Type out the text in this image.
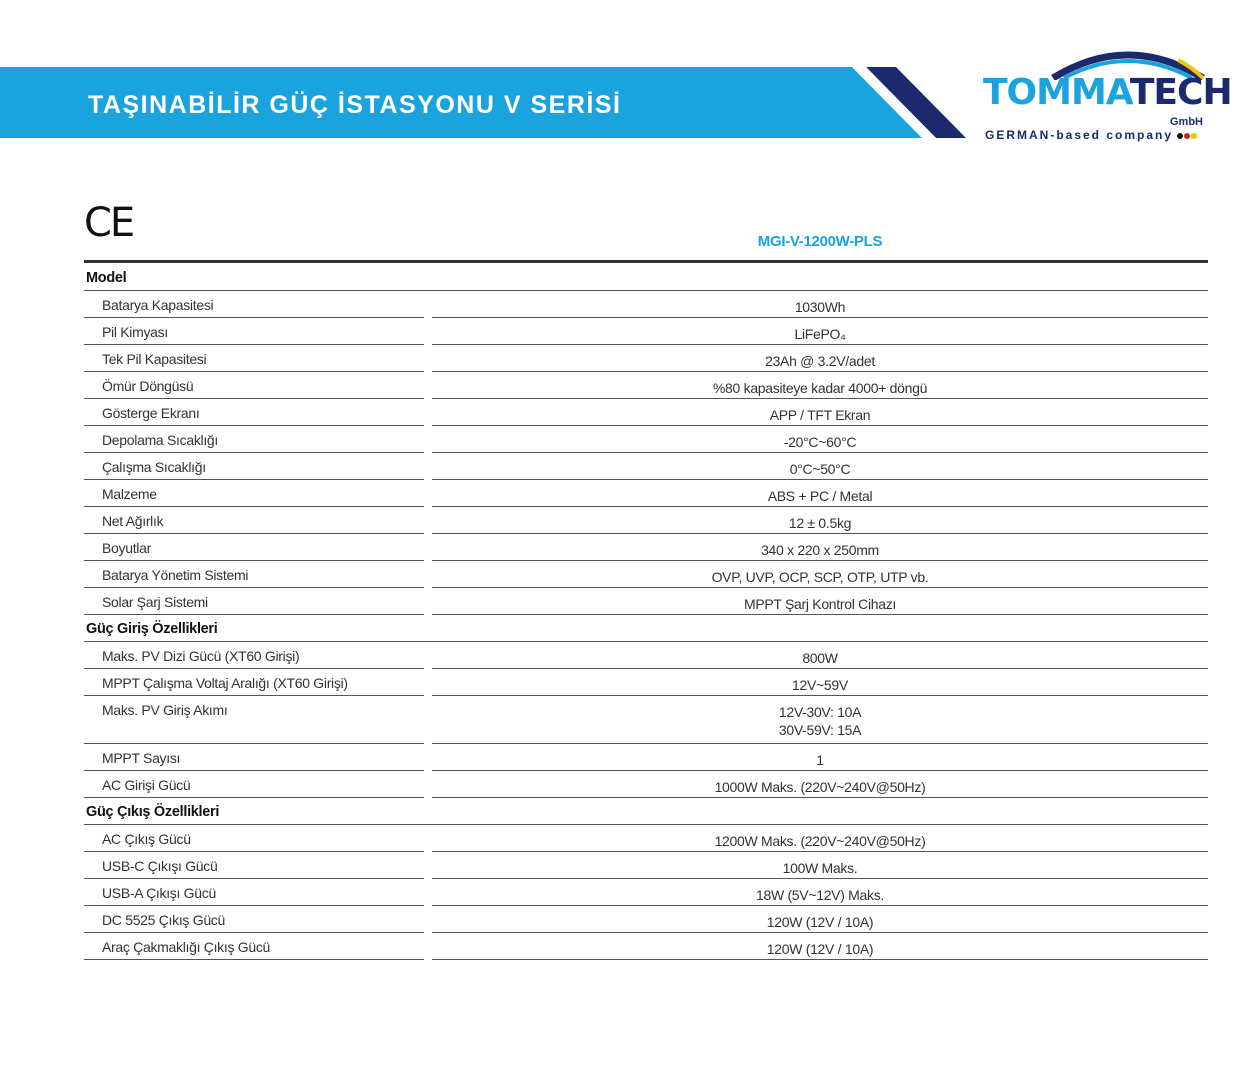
TAŞINABİLİR GÜÇ İSTASYONU V SERİSİ	TOMMATECH
GmbH
GERMAN-based company
CE	MGI-V-1200W-PLS
Model
Batarya Kapasitesi	1030Wh
Pil Kimyası	LiFePO₄
Tek Pil Kapasitesi	23Ah @ 3.2V/adet
Ömür Döngüsü	%80 kapasiteye kadar 4000+ döngü
Gösterge Ekranı	APP / TFT Ekran
Depolama Sıcaklığı	-20°C~60°C
Çalışma Sıcaklığı	0°C~50°C
Malzeme	ABS + PC / Metal
Net Ağırlık	12 ± 0.5kg
Boyutlar	340 x 220 x 250mm
Batarya Yönetim Sistemi	OVP, UVP, OCP, SCP, OTP, UTP vb.
Solar Şarj Sistemi	MPPT Şarj Kontrol Cihazı
Güç Giriş Özellikleri
Maks. PV Dizi Gücü (XT60 Girişi)	800W
MPPT Çalışma Voltaj Aralığı (XT60 Girişi)	12V~59V
Maks. PV Giriş Akımı	12V-30V: 10A
30V-59V: 15A
MPPT Sayısı	1
AC Girişi Gücü	1000W Maks. (220V~240V@50Hz)
Güç Çıkış Özellikleri
AC Çıkış Gücü	1200W Maks. (220V~240V@50Hz)
USB-C Çıkışı Gücü	100W Maks.
USB-A Çıkışı Gücü	18W (5V~12V) Maks.
DC 5525 Çıkış Gücü	120W (12V / 10A)
Araç Çakmaklığı Çıkış Gücü	120W (12V / 10A)
